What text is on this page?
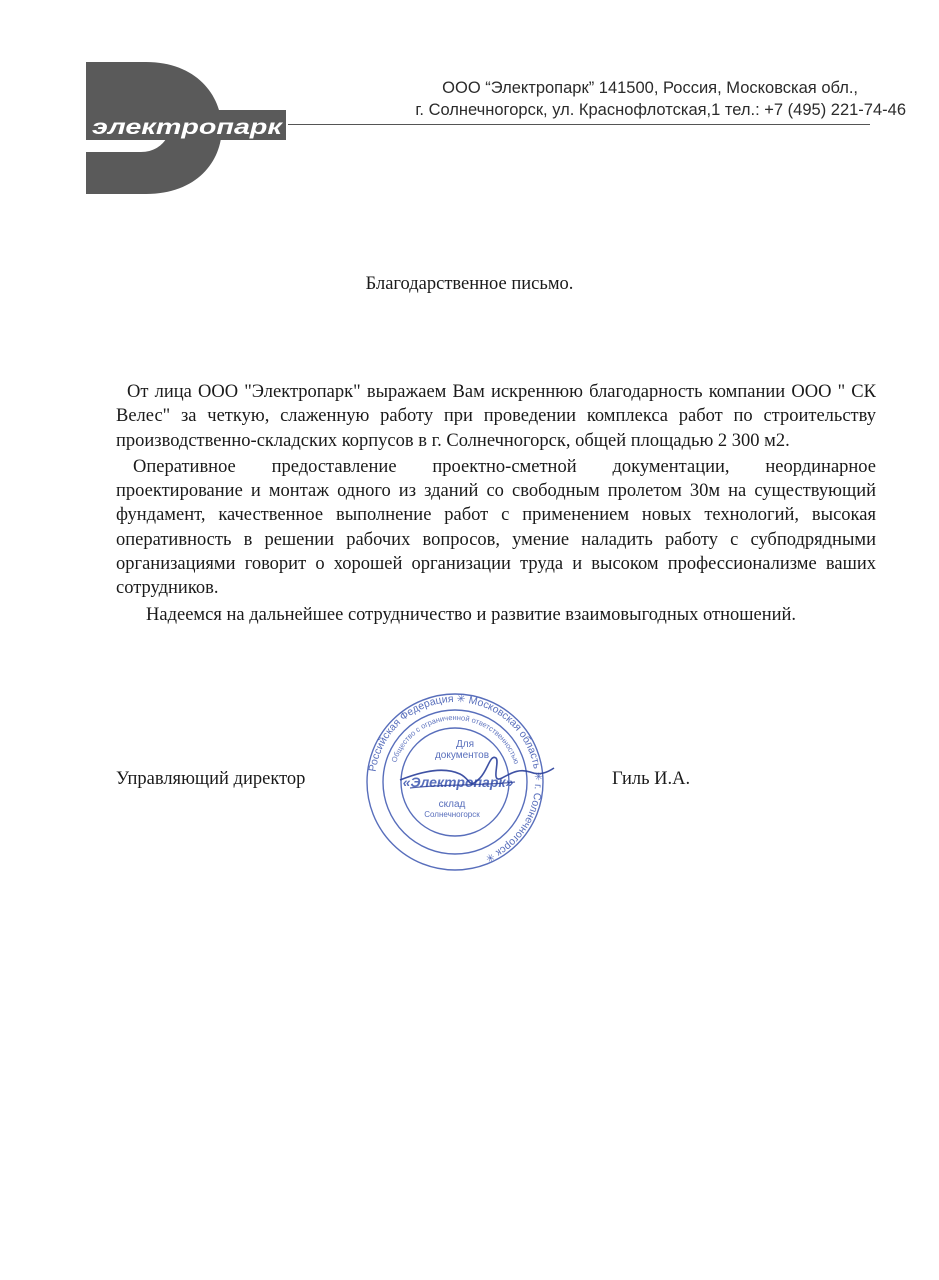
электропарк
ООО “Электропарк” 141500, Россия, Московская обл.,
г. Солнечногорск, ул. Краснофлотская,1 тел.: +7 (495) 221-74-46
Благодарственное письмо.

От лица ООО "Электропарк" выражаем Вам искреннюю благодарность компании ООО " СК Велес" за четкую, слаженную работу при проведении комплекса работ по строительству производственно-складских корпусов в г. Солнечногорск, общей площадью 2 300 м2.

Оперативное предоставление проектно-сметной документации, неординарное проектирование и монтаж одного из зданий со свободным пролетом 30м на существующий фундамент, качественное выполнение работ с применением новых технологий, высокая оперативность в решении рабочих вопросов, умение наладить работу с субподрядными организациями говорит о хорошей организации труда и высоком профессионализме ваших сотрудников.

Надеемся на дальнейшее сотрудничество и развитие взаимовыгодных отношений.

Управляющий директор	Гиль И.А.
Российская Федерация ✳ Московская область ✳ г. Солнечногорск ✳
Общество с ограниченной ответственностью
Для
документов
«Электропарк»
склад
Солнечногорск
